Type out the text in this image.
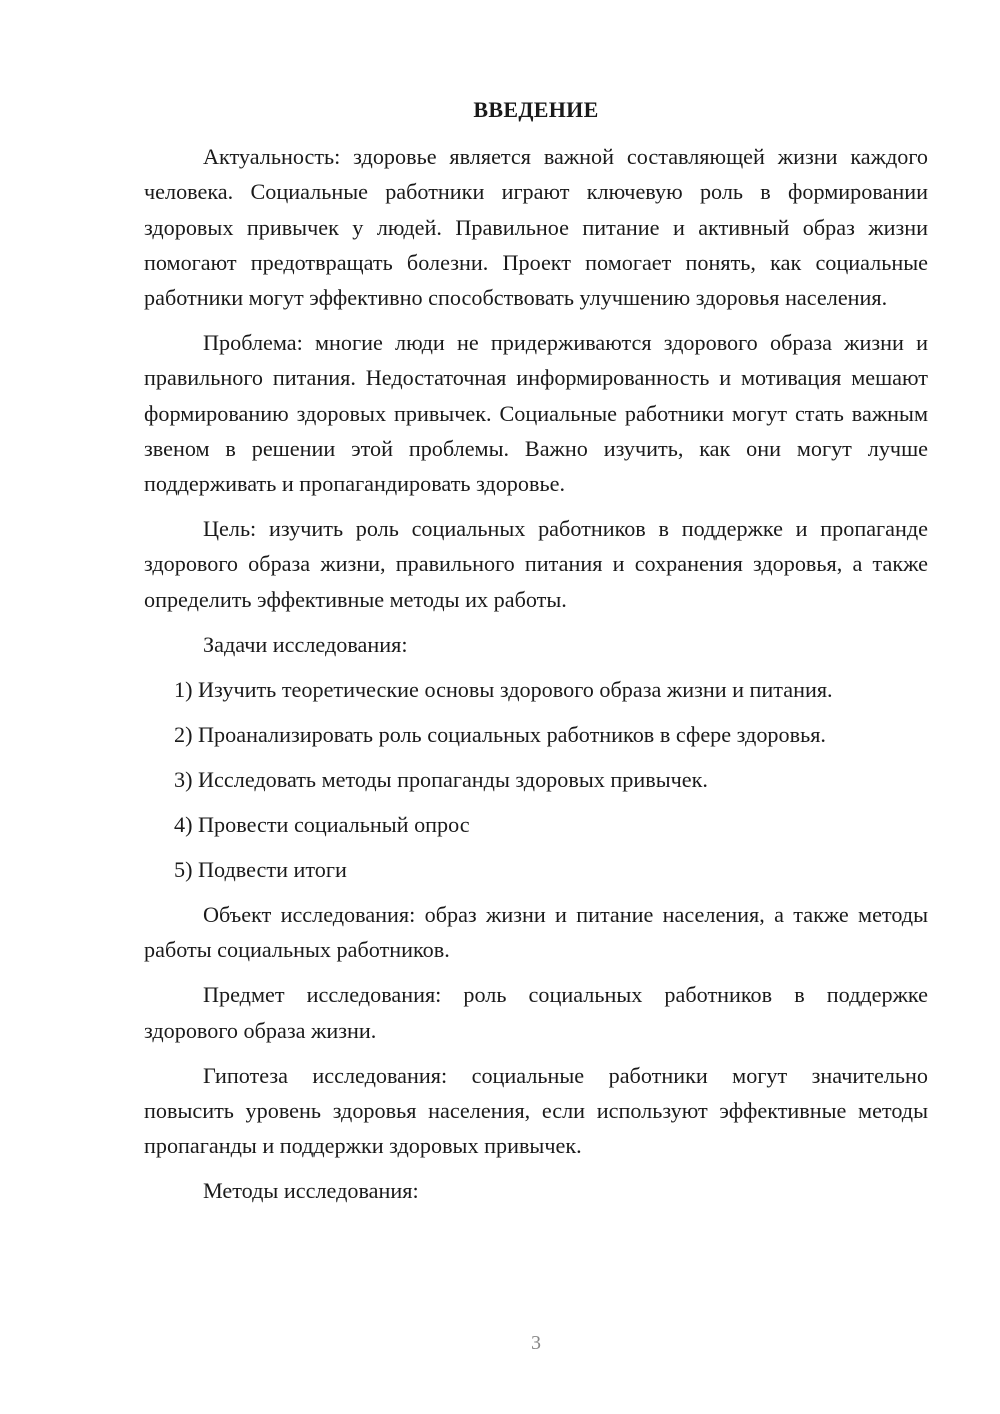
ВВЕДЕНИЕ

Актуальность: здоровье является важной составляющей жизни каждого человека. Социальные работники играют ключевую роль в формировании здоровых привычек у людей. Правильное питание и активный образ жизни помогают предотвращать болезни. Проект помогает понять, как социальные работники могут эффективно способствовать улучшению здоровья населения.

Проблема: многие люди не придерживаются здорового образа жизни и правильного питания. Недостаточная информированность и мотивация мешают формированию здоровых привычек. Социальные работники могут стать важным звеном в решении этой проблемы. Важно изучить, как они могут лучше поддерживать и пропагандировать здоровье.

Цель: изучить роль социальных работников в поддержке и пропаганде здорового образа жизни, правильного питания и сохранения здоровья, а также определить эффективные методы их работы.

Задачи исследования:

1) Изучить теоретические основы здорового образа жизни и питания.
2) Проанализировать роль социальных работников в сфере здоровья.
3) Исследовать методы пропаганды здоровых привычек.
4) Провести социальный опрос
5) Подвести итоги

Объект исследования: образ жизни и питание населения, а также методы работы социальных работников.

Предмет исследования: роль социальных работников в поддержке здорового образа жизни.

Гипотеза исследования: социальные работники могут значительно повысить уровень здоровья населения, если используют эффективные методы пропаганды и поддержки здоровых привычек.

Методы исследования:

3
